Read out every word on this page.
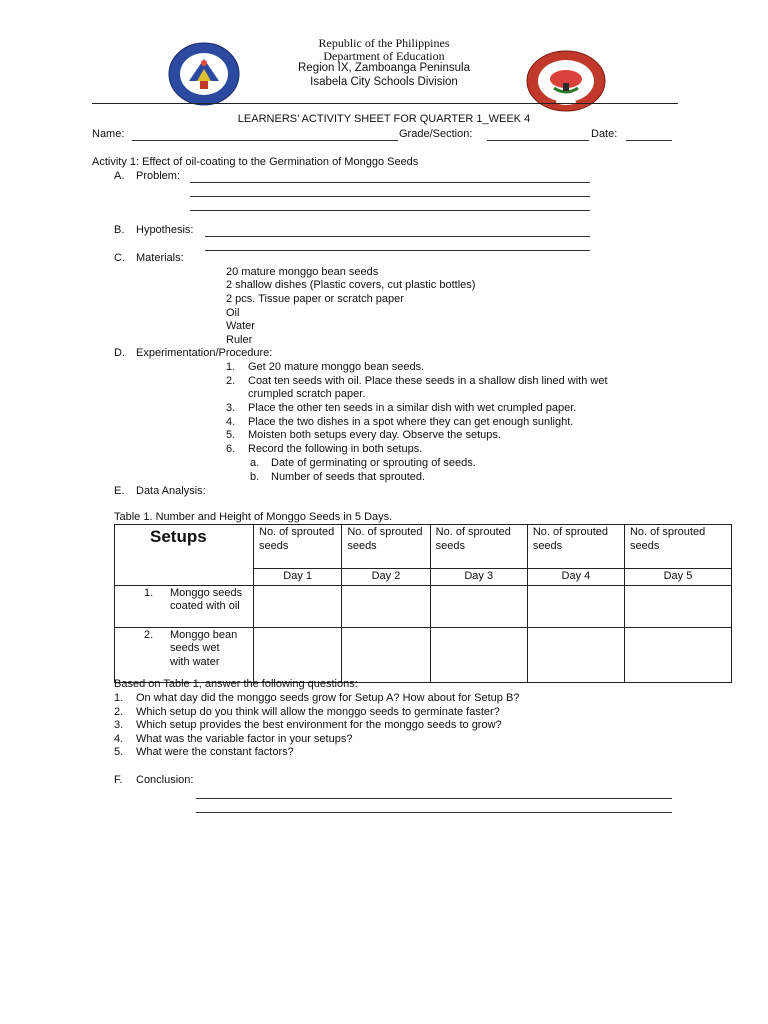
Republic of the Philippines
Department of Education
Region IX, Zamboanga Peninsula
Isabela City Schools Division
LEARNERS’ ACTIVITY SHEET FOR QUARTER 1_WEEK 4
Name:	Grade/Section:	Date:
Activity 1: Effect of oil-coating to the Germination of Monggo Seeds
A. Problem:
B. Hypothesis:
C. Materials:
20 mature monggo bean seeds
2 shallow dishes (Plastic covers, cut plastic bottles)
2 pcs. Tissue paper or scratch paper
Oil
Water
Ruler
D. Experimentation/Procedure:
1. Get 20 mature monggo bean seeds.
2. Coat ten seeds with oil. Place these seeds in a shallow dish lined with wet
crumpled scratch paper.
3. Place the other ten seeds in a similar dish with wet crumpled paper.
4. Place the two dishes in a spot where they can get enough sunlight.
5. Moisten both setups every day. Observe the setups.
6. Record the following in both setups.
a. Date of germinating or sprouting of seeds.
b. Number of seeds that sprouted.
E. Data Analysis:
Table 1. Number and Height of Monggo Seeds in 5 Days.
Setups	No. of sprouted seeds	No. of sprouted seeds	No. of sprouted seeds	No. of sprouted seeds	No. of sprouted seeds
	Day 1	Day 2	Day 3	Day 4	Day 5

1. Monggo seeds coated with oil					

2. Monggo bean seeds wet with water					

Based on Table 1, answer the following questions:
1. On what day did the monggo seeds grow for Setup A? How about for Setup B?
2. Which setup do you think will allow the monggo seeds to germinate faster?
3. Which setup provides the best environment for the monggo seeds to grow?
4. What was the variable factor in your setups?
5. What were the constant factors?
F. Conclusion:
